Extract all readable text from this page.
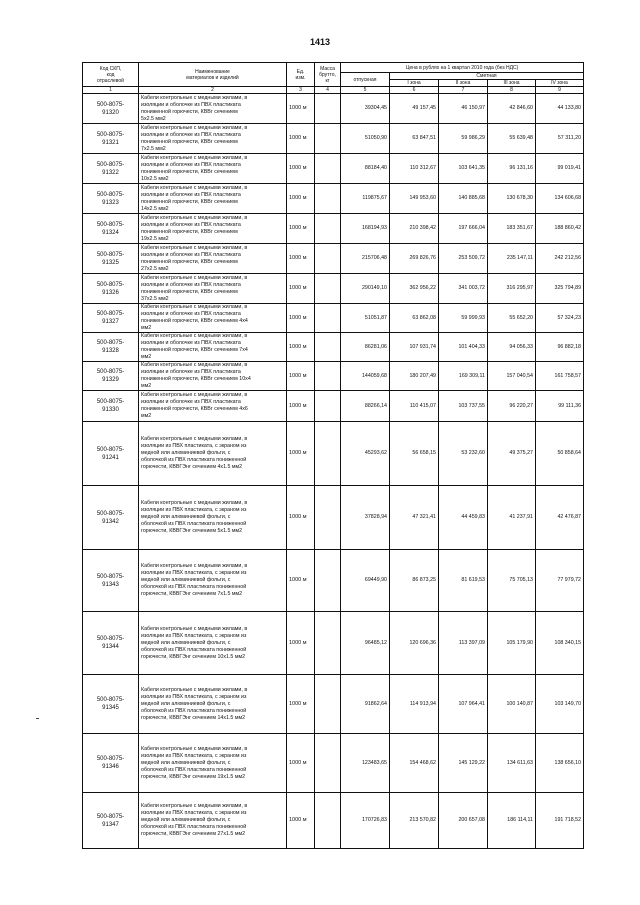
1413
Код СКП,
код
отраслевой	Наименование
материалов и изделий	Ед.
изм.	Масса
брутто,
кг	Цена в рублях на 1 квартал 2010 года (без НДС)				
				отпускная	Сметная			
					I зона	II зона	III зона	IV зона
1	2	3	4	5	6	7	8	9
500-8075-
91320	Кабели контрольные с медными жилами, в
изоляции и оболочке из ПВХ пластиката
пониженной горючести, КВВг сечением
5х2.5 мм2	1000 м		39304,45	49 157,45	46 150,97	42 846,60	44 133,80
500-8075-
91321	Кабели контрольные с медными жилами, в
изоляции и оболочке из ПВХ пластиката
пониженной горючести, КВВг сечением
7х2.5 мм2	1000 м		51050,90	63 847,51	59 986,29	55 639,48	57 311,20
500-8075-
91322	Кабели контрольные с медными жилами, в
изоляции и оболочке из ПВХ пластиката
пониженной горючести, КВВг сечением
10х2.5 мм2	1000 м		88184,40	110 312,67	103 641,35	96 131,16	99 019,41
500-8075-
91323	Кабели контрольные с медными жилами, в
изоляции и оболочке из ПВХ пластиката
пониженной горючести, КВВг сечением
14х2.5 мм2	1000 м		119875,67	149 953,60	140 885,68	130 678,30	134 606,68
500-8075-
91324	Кабели контрольные с медными жилами, в
изоляции и оболочке из ПВХ пластиката
пониженной горючести, КВВг сечением
19х2.5 мм2	1000 м		168194,93	210 398,42	197 666,04	183 351,67	188 860,42
500-8075-
91325	Кабели контрольные с медными жилами, в
изоляции и оболочке из ПВХ пластиката
пониженной горючести, КВВг сечением
27х2.5 мм2	1000 м		215706,48	269 826,76	253 509,72	235 147,11	242 212,56
500-8075-
91326	Кабели контрольные с медными жилами, в
изоляции и оболочке из ПВХ пластиката
пониженной горючести, КВВг сечением
37х2.5 мм2	1000 м		290149,10	362 956,22	341 003,72	316 295,97	325 794,89
500-8075-
91327	Кабели контрольные с медными жилами, в
изоляции и оболочке из ПВХ пластиката
пониженной горючести, КВВг сечением 4х4
мм2	1000 м		51051,87	63 862,08	59 999,93	55 652,20	57 324,23
500-8075-
91328	Кабели контрольные с медными жилами, в
изоляции и оболочке из ПВХ пластиката
пониженной горючести, КВВг сечением 7х4
мм2	1000 м		86281,06	107 931,74	101 404,33	94 056,33	96 882,18
500-8075-
91329	Кабели контрольные с медными жилами, в
изоляции и оболочке из ПВХ пластиката
пониженной горючести, КВВг сечением 10х4
мм2	1000 м		144059,68	180 207,49	169 309,11	157 040,54	161 758,57
500-8075-
91330	Кабели контрольные с медными жилами, в
изоляции и оболочке из ПВХ пластиката
пониженной горючести, КВВг сечением 4х6
мм2	1000 м		88266,14	110 415,07	103 737,55	96 220,27	99 111,36
500-8075-
91241	Кабели контрольные с медными жилами, в
изоляции из ПВХ пластиката, с экраном из
медной или алюминиевой фольги, с
оболочкой из ПВХ пластиката пониженной
горючести, КВВГЭнг сечением 4х1.5 мм2	1000 м		45293,62	56 658,15	53 232,60	49 375,27	50 858,64
500-8075-
91342	Кабели контрольные с медными жилами, в
изоляции из ПВХ пластиката, с экраном из
медной или алюминиевой фольги, с
оболочкой из ПВХ пластиката пониженной
горючести, КВВГЭнг сечением 5х1.5 мм2	1000 м		37828,94	47 321,41	44 459,83	41 237,91	42 476,87
500-8075-
91343	Кабели контрольные с медными жилами, в
изоляции из ПВХ пластиката, с экраном из
медной или алюминиевой фольги, с
оболочкой из ПВХ пластиката пониженной
горючести, КВВГЭнг сечением 7х1.5 мм2	1000 м		69449,90	86 873,25	81 619,53	75 705,13	77 979,72
500-8075-
91344	Кабели контрольные с медными жилами, в
изоляции из ПВХ пластиката, с экраном из
медной или алюминиевой фольги, с
оболочкой из ПВХ пластиката пониженной
горючести, КВВГЭнг сечением 10х1.5 мм2	1000 м		96485,12	120 696,36	113 397,09	105 179,90	108 340,15
500-8075-
91345	Кабели контрольные с медными жилами, в
изоляции из ПВХ пластиката, с экраном из
медной или алюминиевой фольги, с
оболочкой из ПВХ пластиката пониженной
горючести, КВВГЭнг сечением 14х1.5 мм2	1000 м		91862,64	114 913,94	107 964,41	100 140,87	103 149,70
500-8075-
91346	Кабели контрольные с медными жилами, в
изоляции из ПВХ пластиката, с экраном из
медной или алюминиевой фольги, с
оболочкой из ПВХ пластиката пониженной
горючести, КВВГЭнг сечением 19х1.5 мм2	1000 м		123483,65	154 468,62	145 129,22	134 611,63	138 656,10
500-8075-
91347	Кабели контрольные с медными жилами, в
изоляции из ПВХ пластиката, с экраном из
медной или алюминиевой фольги, с
оболочкой из ПВХ пластиката пониженной
горючести, КВВГЭнг сечением 27х1.5 мм2	1000 м		170726,83	213 570,82	200 657,08	186 114,11	191 718,52
